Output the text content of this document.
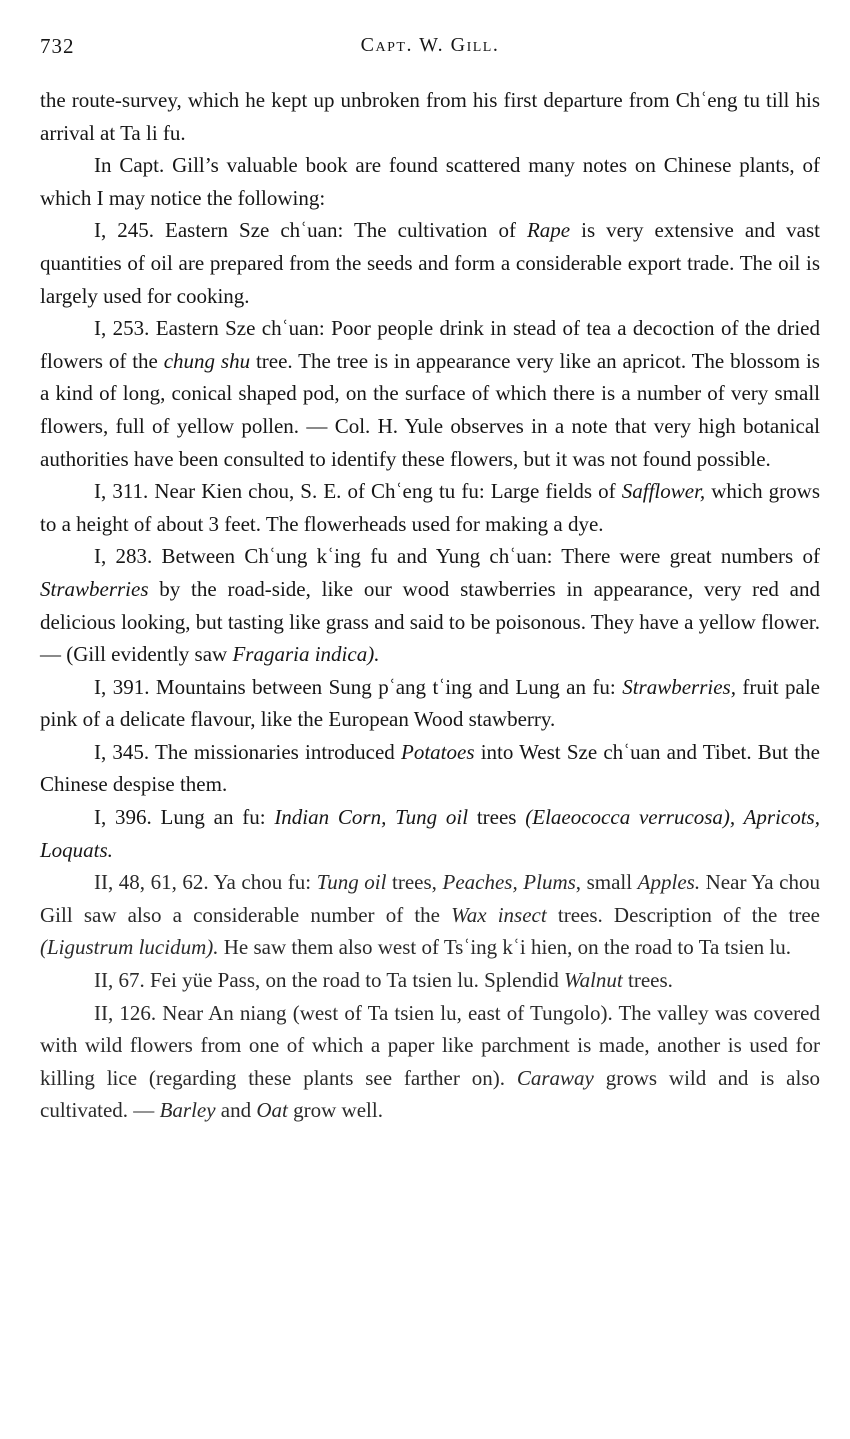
732	Capt. W. Gill.

the route-survey, which he kept up unbroken from his first departure from Chʿeng tu till his arrival at Ta li fu.

In Capt. Gill’s valuable book are found scattered many notes on Chinese plants, of which I may notice the following:

I, 245. Eastern Sze chʿuan: The cultivation of Rape is very extensive and vast quantities of oil are prepared from the seeds and form a considerable export trade. The oil is largely used for cooking.

I, 253. Eastern Sze chʿuan: Poor people drink in stead of tea a decoction of the dried flowers of the chung shu tree. The tree is in appearance very like an apricot. The blossom is a kind of long, conical shaped pod, on the surface of which there is a number of very small flowers, full of yellow pollen. — Col. H. Yule observes in a note that very high botanical authorities have been consulted to identify these flowers, but it was not found possible.

I, 311. Near Kien chou, S. E. of Chʿeng tu fu: Large fields of Safflower, which grows to a height of about 3 feet. The flowerheads used for making a dye.

I, 283. Between Chʿung kʿing fu and Yung chʿuan: There were great numbers of Strawberries by the road-side, like our wood stawberries in appearance, very red and delicious looking, but tasting like grass and said to be poisonous. They have a yellow flower. — (Gill evidently saw Fragaria indica).

I, 391. Mountains between Sung pʿang tʿing and Lung an fu: Strawberries, fruit pale pink of a delicate flavour, like the European Wood stawberry.

I, 345. The missionaries introduced Potatoes into West Sze chʿuan and Tibet. But the Chinese despise them.

I, 396. Lung an fu: Indian Corn, Tung oil trees (Elaeococca verrucosa), Apricots, Loquats.

II, 48, 61, 62. Ya chou fu: Tung oil trees, Peaches, Plums, small Apples. Near Ya chou Gill saw also a considerable number of the Wax insect trees. Description of the tree (Ligustrum lucidum). He saw them also west of Tsʿing kʿi hien, on the road to Ta tsien lu.

II, 67. Fei yüe Pass, on the road to Ta tsien lu. Splendid Walnut trees.

II, 126. Near An niang (west of Ta tsien lu, east of Tungolo). The valley was covered with wild flowers from one of which a paper like parchment is made, another is used for killing lice (regarding these plants see farther on). Caraway grows wild and is also cultivated. — Barley and Oat grow well.
